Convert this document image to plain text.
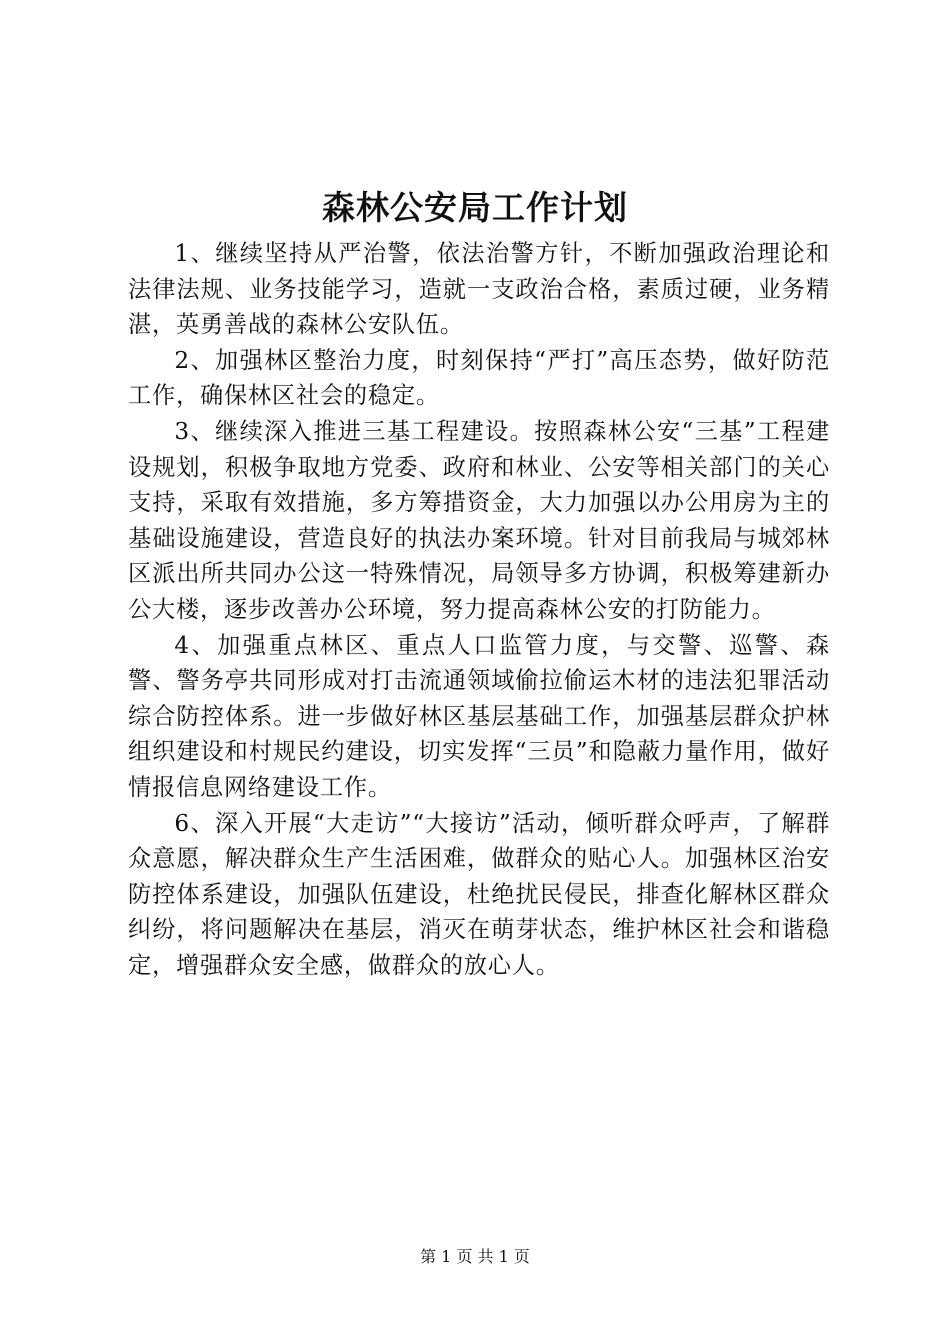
森林公安局工作计划

1、继续坚持从严治警，依法治警方针，不断加强政治理论和法律法规、业务技能学习，造就一支政治合格，素质过硬，业务精湛，英勇善战的森林公安队伍。

2、加强林区整治力度，时刻保持“严打”高压态势，做好防范工作，确保林区社会的稳定。

3、继续深入推进三基工程建设。按照森林公安“三基”工程建设规划，积极争取地方党委、政府和林业、公安等相关部门的关心支持，采取有效措施，多方筹措资金，大力加强以办公用房为主的基础设施建设，营造良好的执法办案环境。针对目前我局与城郊林区派出所共同办公这一特殊情况，局领导多方协调，积极筹建新办公大楼，逐步改善办公环境，努力提高森林公安的打防能力。

4、加强重点林区、重点人口监管力度，与交警、巡警、森警、警务亭共同形成对打击流通领域偷拉偷运木材的违法犯罪活动综合防控体系。进一步做好林区基层基础工作，加强基层群众护林组织建设和村规民约建设，切实发挥“三员”和隐蔽力量作用，做好情报信息网络建设工作。

6、深入开展“大走访”“大接访”活动，倾听群众呼声，了解群众意愿，解决群众生产生活困难，做群众的贴心人。加强林区治安防控体系建设，加强队伍建设，杜绝扰民侵民，排查化解林区群众纠纷，将问题解决在基层，消灭在萌芽状态，维护林区社会和谐稳定，增强群众安全感，做群众的放心人。

第 1 页 共 1 页
